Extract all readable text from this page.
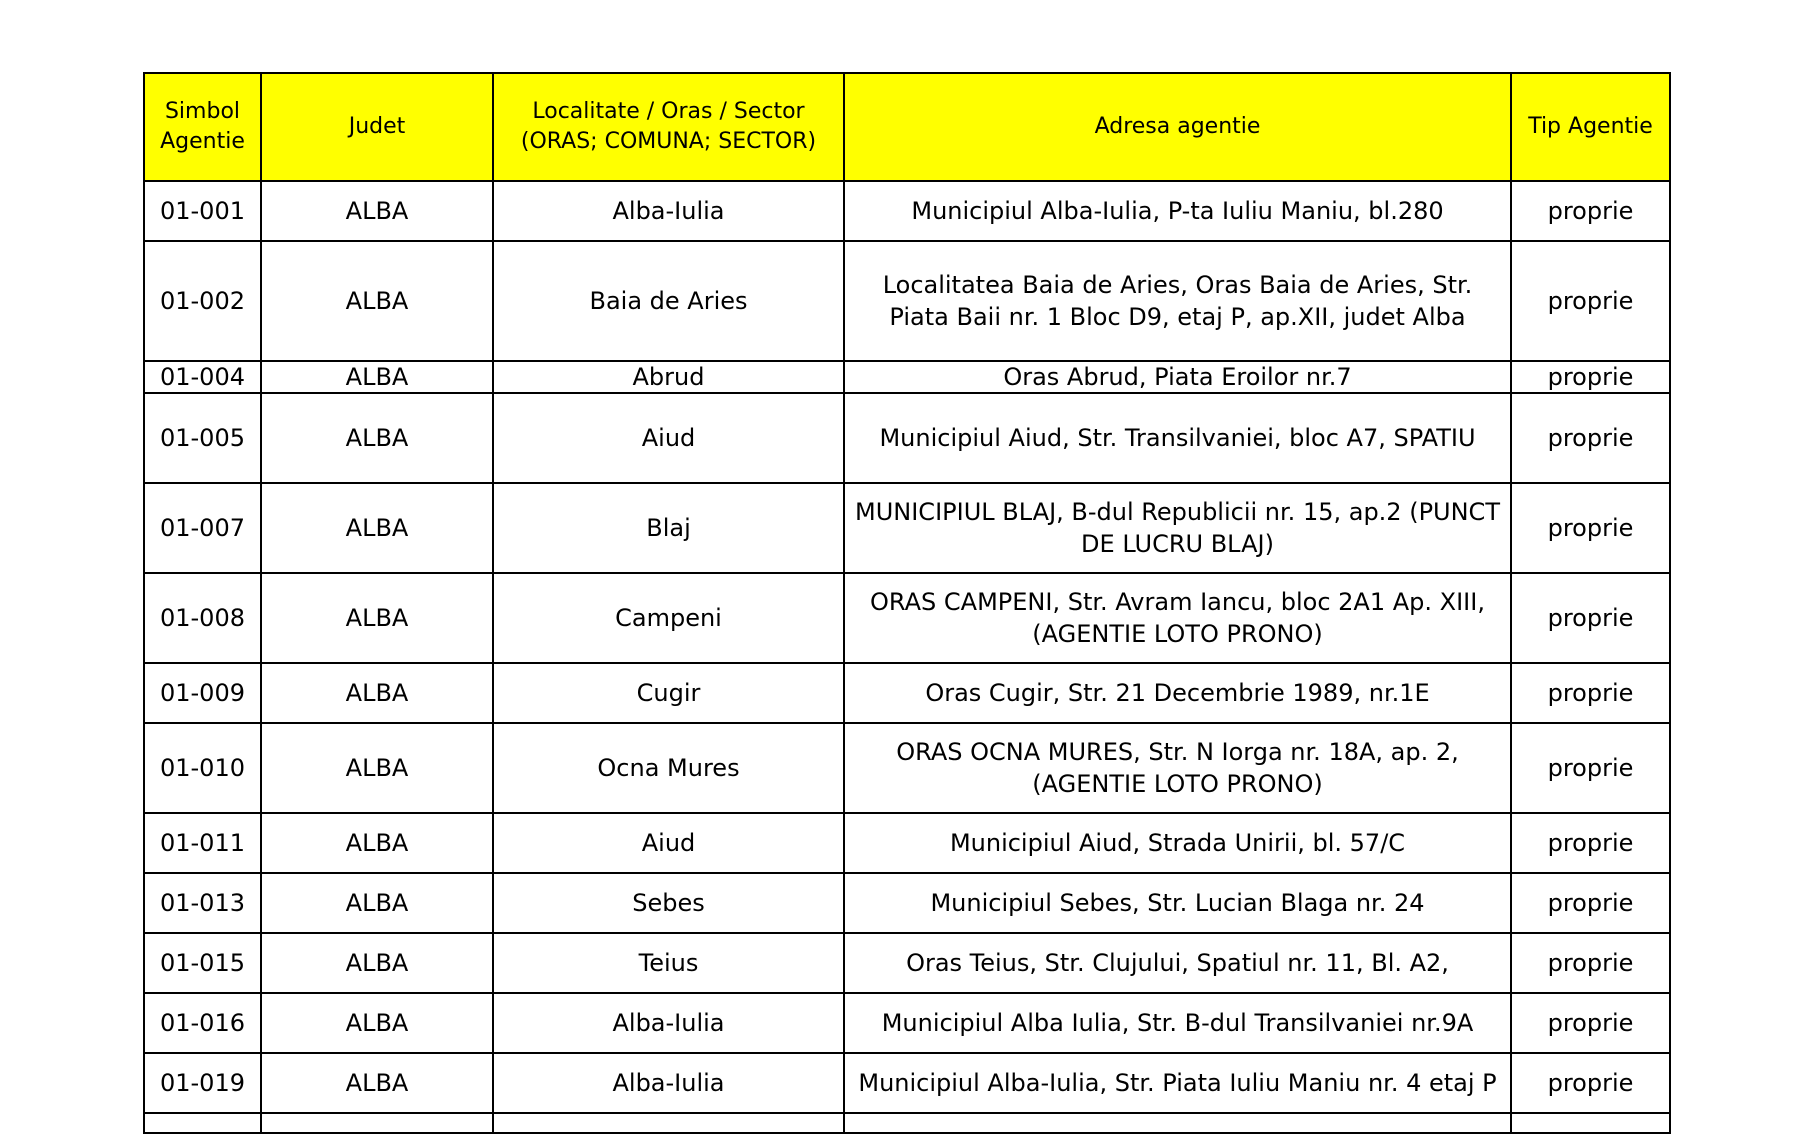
Simbol Agentie	Judet	Localitate / Oras / Sector (ORAS; COMUNA; SECTOR)	Adresa agentie	Tip Agentie
01-001	ALBA	Alba-Iulia	Municipiul Alba-Iulia, P-ta Iuliu Maniu, bl.280	proprie
01-002	ALBA	Baia de Aries	Localitatea Baia de Aries, Oras Baia de Aries, Str. Piata Baii nr. 1 Bloc D9, etaj P, ap.XII, judet Alba	proprie
01-004	ALBA	Abrud	Oras Abrud, Piata Eroilor nr.7	proprie
01-005	ALBA	Aiud	Municipiul Aiud, Str. Transilvaniei, bloc A7, SPATIU	proprie
01-007	ALBA	Blaj	MUNICIPIUL BLAJ, B-dul Republicii nr. 15, ap.2 (PUNCT DE LUCRU BLAJ)	proprie
01-008	ALBA	Campeni	ORAS CAMPENI, Str. Avram Iancu, bloc 2A1 Ap. XIII, (AGENTIE LOTO PRONO)	proprie
01-009	ALBA	Cugir	Oras Cugir, Str. 21 Decembrie 1989, nr.1E	proprie
01-010	ALBA	Ocna Mures	ORAS OCNA MURES, Str. N Iorga nr. 18A, ap. 2, (AGENTIE LOTO PRONO)	proprie
01-011	ALBA	Aiud	Municipiul Aiud, Strada Unirii, bl. 57/C	proprie
01-013	ALBA	Sebes	Municipiul Sebes, Str. Lucian Blaga nr. 24	proprie
01-015	ALBA	Teius	Oras Teius, Str. Clujului, Spatiul nr. 11, Bl. A2,	proprie
01-016	ALBA	Alba-Iulia	Municipiul Alba Iulia, Str. B-dul Transilvaniei nr.9A	proprie
01-019	ALBA	Alba-Iulia	Municipiul Alba-Iulia, Str. Piata Iuliu Maniu nr. 4 etaj P	proprie
